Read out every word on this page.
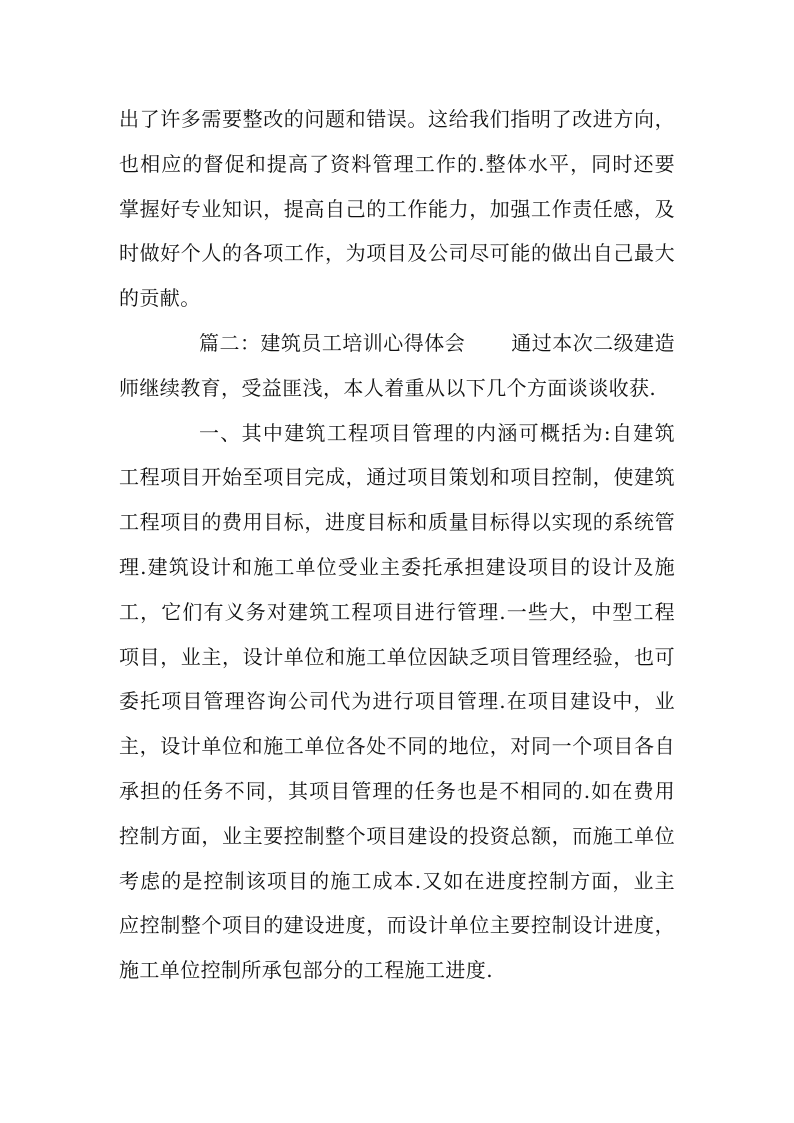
出了许多需要整改的问题和错误。这给我们指明了改进方向，也相应的督促和提高了资料管理工作的.整体水平，同时还要掌握好专业知识，提高自己的工作能力，加强工作责任感，及时做好个人的各项工作，为项目及公司尽可能的做出自己最大的贡献。

篇二：建筑员工培训心得体会 通过本次二级建造师继续教育，受益匪浅，本人着重从以下几个方面谈谈收获.

一、其中建筑工程项目管理的内涵可概括为:自建筑工程项目开始至项目完成，通过项目策划和项目控制，使建筑工程项目的费用目标，进度目标和质量目标得以实现的系统管理.建筑设计和施工单位受业主委托承担建设项目的设计及施工，它们有义务对建筑工程项目进行管理.一些大，中型工程项目，业主，设计单位和施工单位因缺乏项目管理经验，也可委托项目管理咨询公司代为进行项目管理.在项目建设中，业主，设计单位和施工单位各处不同的地位，对同一个项目各自承担的任务不同，其项目管理的任务也是不相同的.如在费用控制方面，业主要控制整个项目建设的投资总额，而施工单位考虑的是控制该项目的施工成本.又如在进度控制方面，业主应控制整个项目的建设进度，而设计单位主要控制设计进度，施工单位控制所承包部分的工程施工进度.
